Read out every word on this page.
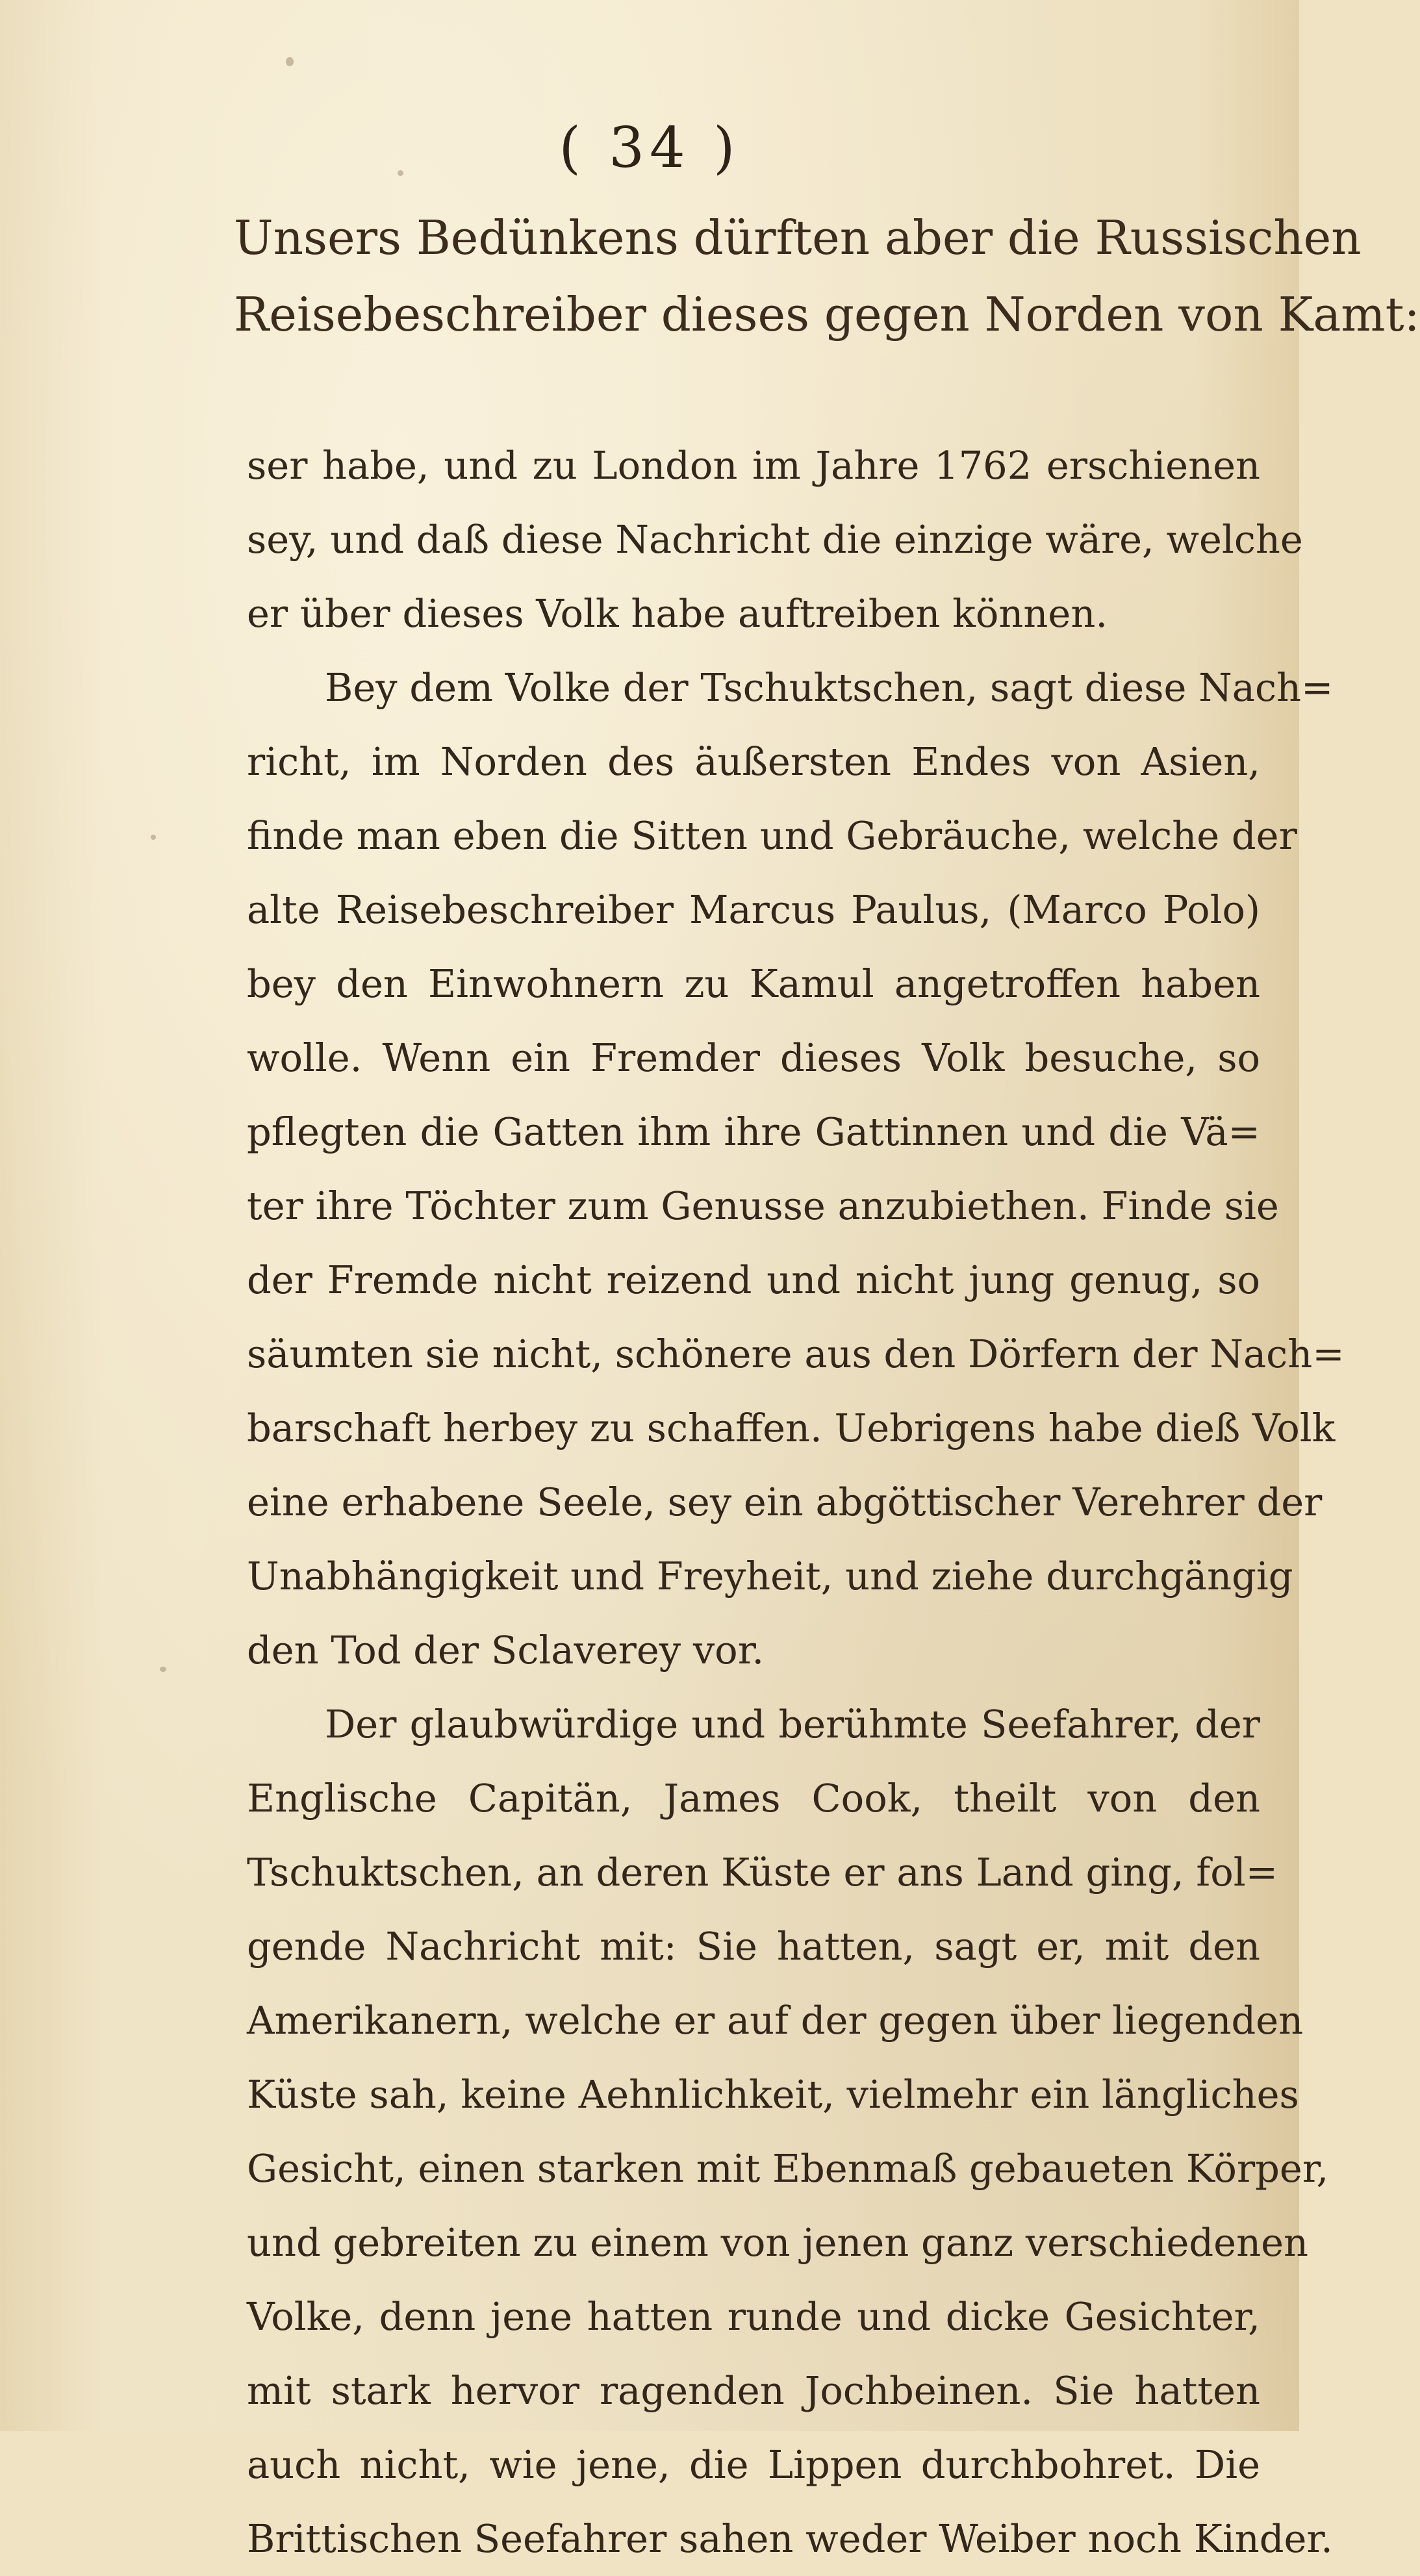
( 34 )
Unsers Bedünkens dürften aber die Russischen
Reisebeschreiber dieses gegen Norden von Kamt:
ser habe, und zu London im Jahre 1762 erschienen
sey, und daß diese Nachricht die einzige wäre, welche
er über dieses Volk habe auftreiben können.
Bey dem Volke der Tschuktschen, sagt diese Nach=
richt, im Norden des äußersten Endes von Asien,
finde man eben die Sitten und Gebräuche, welche der
alte Reisebeschreiber Marcus Paulus, (Marco Polo)
bey den Einwohnern zu Kamul angetroffen haben
wolle. Wenn ein Fremder dieses Volk besuche, so
pflegten die Gatten ihm ihre Gattinnen und die Vä=
ter ihre Töchter zum Genusse anzubiethen. Finde sie
der Fremde nicht reizend und nicht jung genug, so
säumten sie nicht, schönere aus den Dörfern der Nach=
barschaft herbey zu schaffen. Uebrigens habe dieß Volk
eine erhabene Seele, sey ein abgöttischer Verehrer der
Unabhängigkeit und Freyheit, und ziehe durchgängig
den Tod der Sclaverey vor.
Der glaubwürdige und berühmte Seefahrer, der
Englische Capitän, James Cook, theilt von den
Tschuktschen, an deren Küste er ans Land ging, fol=
gende Nachricht mit: Sie hatten, sagt er, mit den
Amerikanern, welche er auf der gegen über liegenden
Küste sah, keine Aehnlichkeit, vielmehr ein längliches
Gesicht, einen starken mit Ebenmaß gebaueten Körper,
und gebreiten zu einem von jenen ganz verschiedenen
Volke, denn jene hatten runde und dicke Gesichter,
mit stark hervor ragenden Jochbeinen. Sie hatten
auch nicht, wie jene, die Lippen durchbohret. Die
Brittischen Seefahrer sahen weder Weiber noch Kinder.
